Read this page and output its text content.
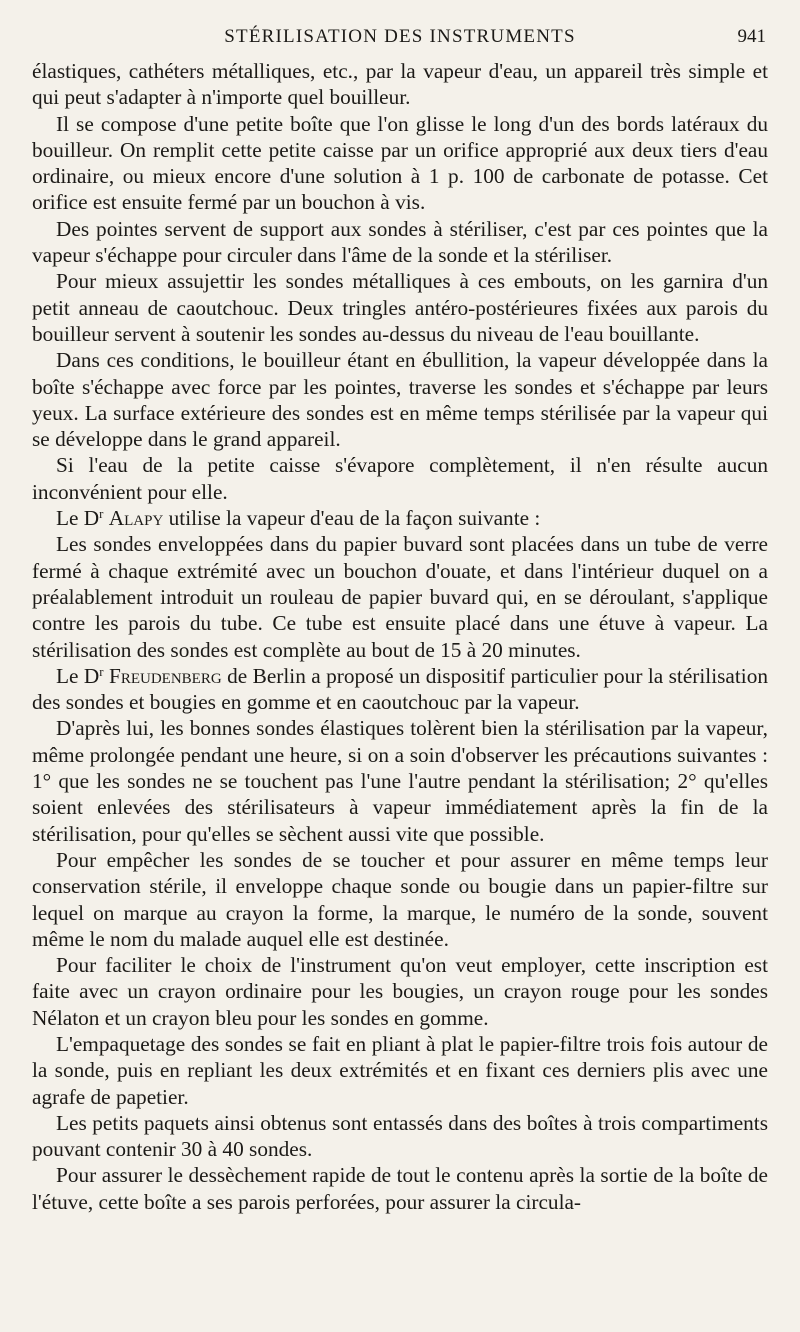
STÉRILISATION DES INSTRUMENTS	941

élastiques, cathéters métalliques, etc., par la vapeur d'eau, un appareil très simple et qui peut s'adapter à n'importe quel bouilleur.

Il se compose d'une petite boîte que l'on glisse le long d'un des bords latéraux du bouilleur. On remplit cette petite caisse par un orifice approprié aux deux tiers d'eau ordinaire, ou mieux encore d'une solution à 1 p. 100 de carbonate de potasse. Cet orifice est ensuite fermé par un bouchon à vis.

Des pointes servent de support aux sondes à stériliser, c'est par ces pointes que la vapeur s'échappe pour circuler dans l'âme de la sonde et la stériliser.

Pour mieux assujettir les sondes métalliques à ces embouts, on les garnira d'un petit anneau de caoutchouc. Deux tringles antéro-postérieures fixées aux parois du bouilleur servent à soutenir les sondes au-dessus du niveau de l'eau bouillante.

Dans ces conditions, le bouilleur étant en ébullition, la vapeur développée dans la boîte s'échappe avec force par les pointes, traverse les sondes et s'échappe par leurs yeux. La surface extérieure des sondes est en même temps stérilisée par la vapeur qui se développe dans le grand appareil.

Si l'eau de la petite caisse s'évapore complètement, il n'en résulte aucun inconvénient pour elle.

Le $D^r$ Alapy utilise la vapeur d'eau de la façon suivante :

Les sondes enveloppées dans du papier buvard sont placées dans un tube de verre fermé à chaque extrémité avec un bouchon d'ouate, et dans l'intérieur duquel on a préalablement introduit un rouleau de papier buvard qui, en se déroulant, s'applique contre les parois du tube. Ce tube est ensuite placé dans une étuve à vapeur. La stérilisation des sondes est complète au bout de 15 à 20 minutes.

Le $D^r$ Freudenberg de Berlin a proposé un dispositif particulier pour la stérilisation des sondes et bougies en gomme et en caoutchouc par la vapeur.

D'après lui, les bonnes sondes élastiques tolèrent bien la stérilisation par la vapeur, même prolongée pendant une heure, si on a soin d'observer les précautions suivantes : 1° que les sondes ne se touchent pas l'une l'autre pendant la stérilisation; 2° qu'elles soient enlevées des stérilisateurs à vapeur immédiatement après la fin de la stérilisation, pour qu'elles se sèchent aussi vite que possible.

Pour empêcher les sondes de se toucher et pour assurer en même temps leur conservation stérile, il enveloppe chaque sonde ou bougie dans un papier-filtre sur lequel on marque au crayon la forme, la marque, le numéro de la sonde, souvent même le nom du malade auquel elle est destinée.

Pour faciliter le choix de l'instrument qu'on veut employer, cette inscription est faite avec un crayon ordinaire pour les bougies, un crayon rouge pour les sondes Nélaton et un crayon bleu pour les sondes en gomme.

L'empaquetage des sondes se fait en pliant à plat le papier-filtre trois fois autour de la sonde, puis en repliant les deux extrémités et en fixant ces derniers plis avec une agrafe de papetier.

Les petits paquets ainsi obtenus sont entassés dans des boîtes à trois compartiments pouvant contenir 30 à 40 sondes.

Pour assurer le dessèchement rapide de tout le contenu après la sortie de la boîte de l'étuve, cette boîte a ses parois perforées, pour assurer la circula-
